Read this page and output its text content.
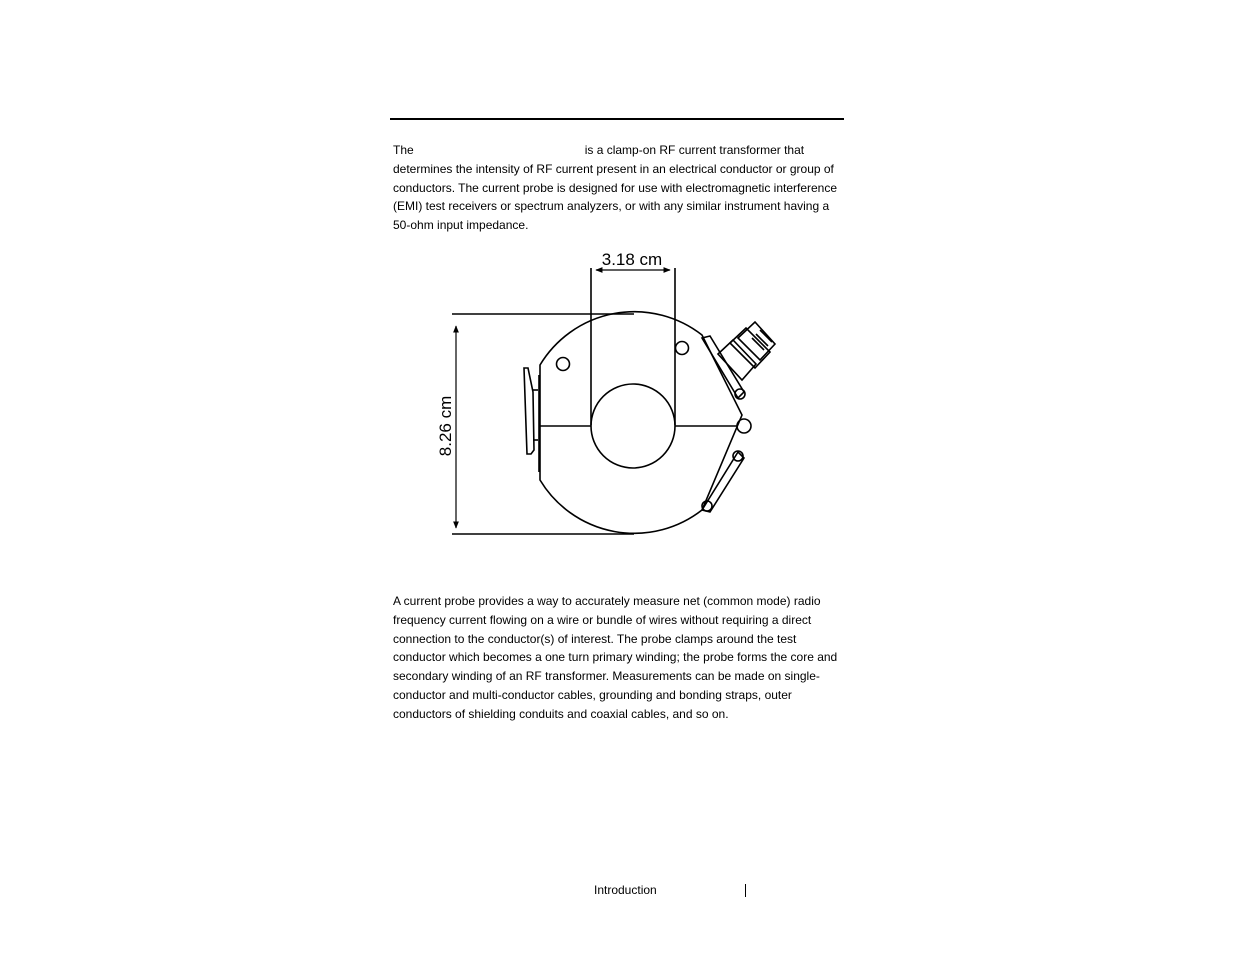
The	is a clamp-on RF current transformer that determines the intensity of RF current present in an electrical conductor or group of conductors. The current probe is designed for use with electromagnetic interference (EMI) test receivers or spectrum analyzers, or with any similar instrument having a 50-ohm input impedance.

3.18 cm
8.26 cm

A current probe provides a way to accurately measure net (common mode) radio frequency current flowing on a wire or bundle of wires without requiring a direct connection to the conductor(s) of interest. The probe clamps around the test conductor which becomes a one turn primary winding; the probe forms the core and secondary winding of an RF transformer. Measurements can be made on single-conductor and multi-conductor cables, grounding and bonding straps, outer conductors of shielding conduits and coaxial cables, and so on.

Introduction
